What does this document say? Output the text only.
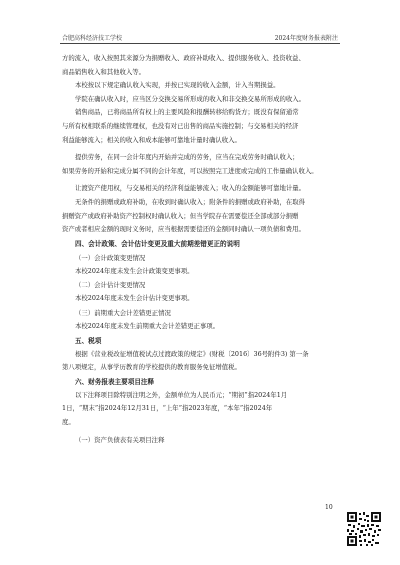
合肥高科经济技工学校	2024年度财务报表附注
方的流入，收入按照其来源分为捐赠收入、政府补助收入、提供服务收入、投资收益、
商品销售收入和其他收入等。
本校按以下规定确认收入实现，并按已实现的收入金额，计入当期损益。
学院在确认收入时，应当区分交换交易所形成的收入和非交换交易所形成的收入。
销售商品，已将商品所有权上的主要风险和报酬转移给购货方；既没有保留通常
与所有权相联系的继续管理权，也没有对已出售的商品实施控制；与交易相关的经济
利益能够流入；相关的收入和成本能够可靠地计量时确认收入。
提供劳务，在同一会计年度内开始并完成的劳务，应当在完成劳务时确认收入；
如果劳务的开始和完成分属不同的会计年度，可以按照完工进度或完成的工作量确认收入。
让渡资产使用权，与交易相关的经济利益能够流入；收入的金额能够可靠地计量。
无条件的捐赠或政府补助，在收到时确认收入；附条件的捐赠或政府补助，在取得
捐赠资产或政府补助资产控制权时确认收入；但当学院存在需要偿还全部或部分捐赠
资产或者相应金额的现时义务时，应当根据需要偿还的金额同时确认一项负债和费用。
四、会计政策、会计估计变更及重大前期差错更正的说明
（一）会计政策变更情况
本校2024年度未发生会计政策变更事项。
（二）会计估计变更情况
本校2024年度未发生会计估计变更事项。
（三）前期重大会计差错更正情况
本校2024年度未发生前期重大会计差错更正事项。
五、税项
根据《营业税改征增值税试点过渡政策的规定》(财税〔2016〕36号附件3) 第一条
第八项规定，从事学历教育的学校提供的教育服务免征增值税。
六、财务报表主要项目注释
以下注释项目除特别注明之外，金额单位为人民币元；“期初”指2024年1月
1日，“期末”指2024年12月31日，“上年”指2023年度，“本年”指2024年
度。
（一）资产负债表有关项目注释
10
